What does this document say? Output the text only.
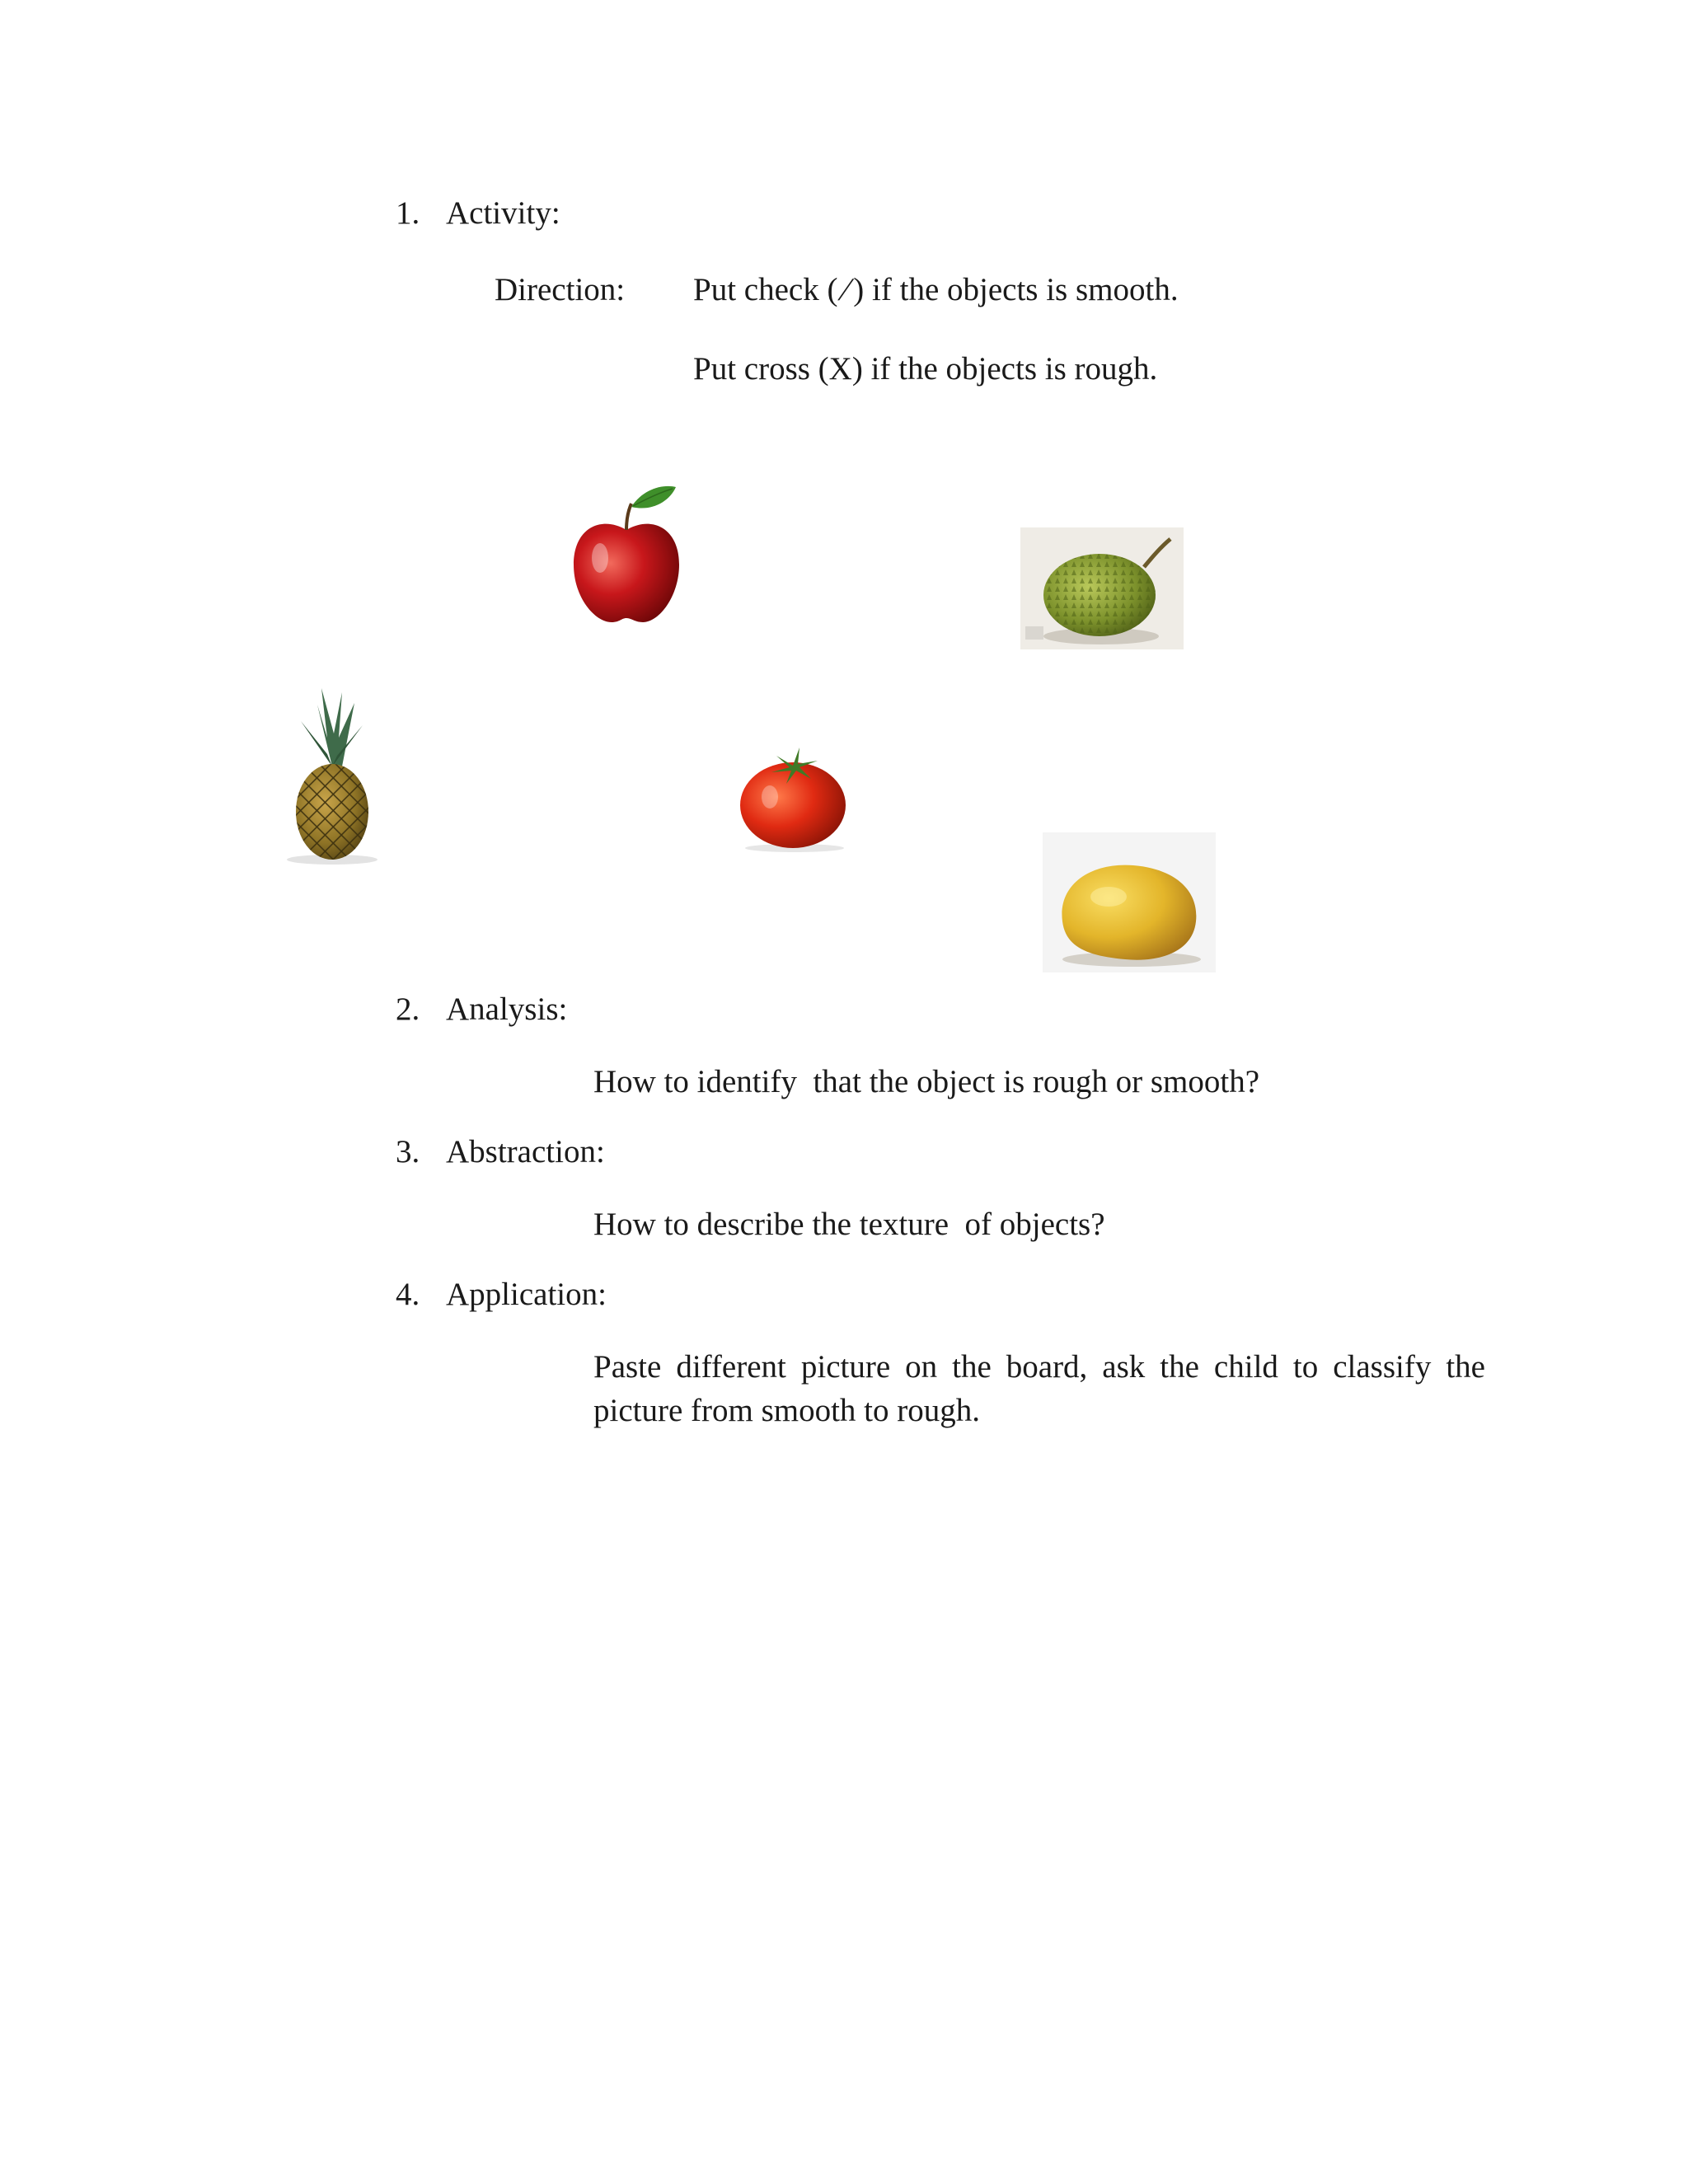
1. Activity:
Direction: Put check (/) if the objects is smooth.
Put cross (X) if the objects is rough.
2. Analysis:
How to identify  that the object is rough or smooth?
3. Abstraction:
How to describe the texture  of objects?
4. Application:
Paste different picture on the board, ask the child to classify the picture from smooth to rough.
